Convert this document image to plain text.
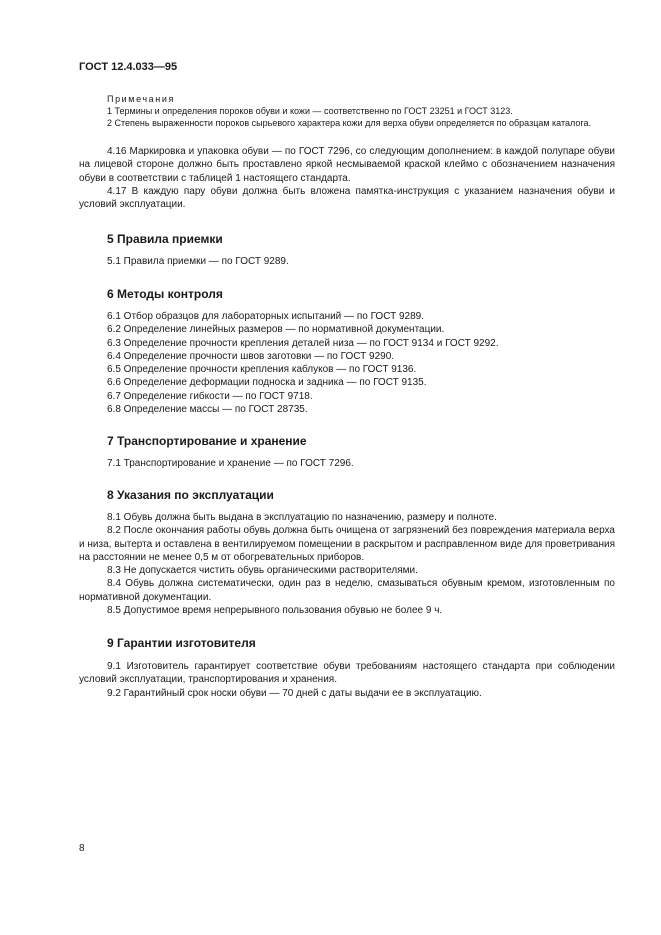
ГОСТ 12.4.033—95

Примечания

1 Термины и определения пороков обуви и кожи — соответственно по ГОСТ 23251 и ГОСТ 3123.

2 Степень выраженности пороков сырьевого характера кожи для верха обуви определяется по образцам каталога.

4.16 Маркировка и упаковка обуви — по ГОСТ 7296, со следующим дополнением: в каждой полупаре обуви на лицевой стороне должно быть проставлено яркой несмываемой краской клеймо с обозначением назначения обуви в соответствии с таблицей 1 настоящего стандарта.

4.17 В каждую пару обуви должна быть вложена памятка-инструкция с указанием назначения обуви и условий эксплуатации.

5 Правила приемки

5.1 Правила приемки — по ГОСТ 9289.

6 Методы контроля

6.1 Отбор образцов для лабораторных испытаний — по ГОСТ 9289.

6.2 Определение линейных размеров — по нормативной документации.

6.3 Определение прочности крепления деталей низа — по ГОСТ 9134 и ГОСТ 9292.

6.4 Определение прочности швов заготовки — по ГОСТ 9290.

6.5 Определение прочности крепления каблуков — по ГОСТ 9136.

6.6 Определение деформации подноска и задника — по ГОСТ 9135.

6.7 Определение гибкости — по ГОСТ 9718.

6.8 Определение массы — по ГОСТ 28735.

7 Транспортирование и хранение

7.1 Транспортирование и хранение — по ГОСТ 7296.

8 Указания по эксплуатации

8.1 Обувь должна быть выдана в эксплуатацию по назначению, размеру и полноте.

8.2 После окончания работы обувь должна быть очищена от загрязнений без повреждения материала верха и низа, вытерта и оставлена в вентилируемом помещении в раскрытом и расправленном виде для проветривания на расстоянии не менее 0,5 м от обогревательных приборов.

8.3 Не допускается чистить обувь органическими растворителями.

8.4 Обувь должна систематически, один раз в неделю, смазываться обувным кремом, изготовленным по нормативной документации.

8.5 Допустимое время непрерывного пользования обувью не более 9 ч.

9 Гарантии изготовителя

9.1 Изготовитель гарантирует соответствие обуви требованиям настоящего стандарта при соблюдении условий эксплуатации, транспортирования и хранения.

9.2 Гарантийный срок носки обуви — 70 дней с даты выдачи ее в эксплуатацию.

8
